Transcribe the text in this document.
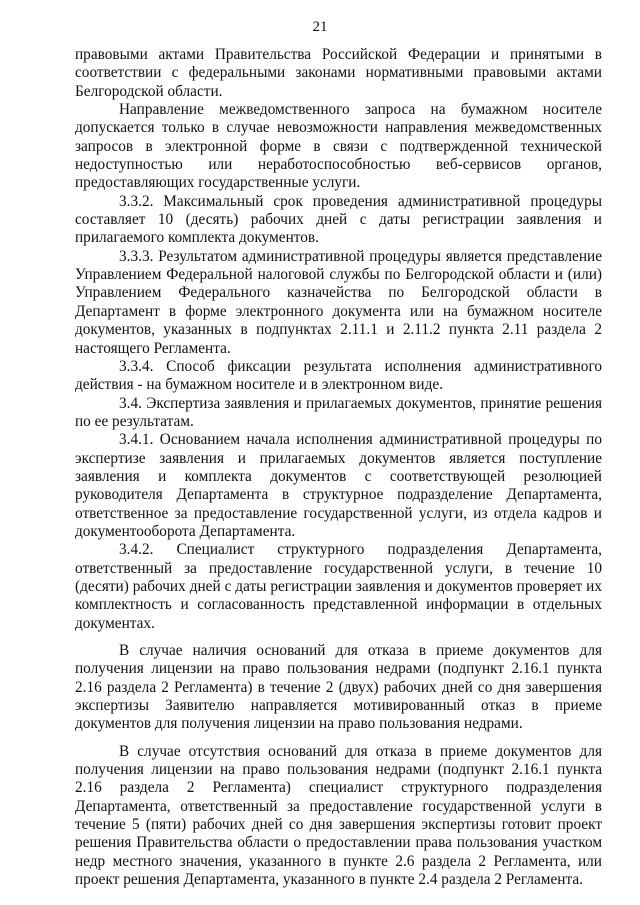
21

правовыми актами Правительства Российской Федерации и принятыми в соответствии с федеральными законами нормативными правовыми актами Белгородской области.

Направление межведомственного запроса на бумажном носителе допускается только в случае невозможности направления межведомственных запросов в электронной форме в связи с подтвержденной технической недоступностью или неработоспособностью веб-сервисов органов, предоставляющих государственные услуги.

3.3.2. Максимальный срок проведения административной процедуры составляет 10 (десять) рабочих дней с даты регистрации заявления и прилагаемого комплекта документов.

3.3.3. Результатом административной процедуры является представление Управлением Федеральной налоговой службы по Белгородской области и (или) Управлением Федерального казначейства по Белгородской области в Департамент в форме электронного документа или на бумажном носителе документов, указанных в подпунктах 2.11.1 и 2.11.2 пункта 2.11 раздела 2 настоящего Регламента.

3.3.4. Способ фиксации результата исполнения административного действия - на бумажном носителе и в электронном виде.

3.4. Экспертиза заявления и прилагаемых документов, принятие решения по ее результатам.

3.4.1. Основанием начала исполнения административной процедуры по экспертизе заявления и прилагаемых документов является поступление заявления и комплекта документов с соответствующей резолюцией руководителя Департамента в структурное подразделение Департамента, ответственное за предоставление государственной услуги, из отдела кадров и документооборота Департамента.

3.4.2. Специалист структурного подразделения Департамента, ответственный за предоставление государственной услуги, в течение 10 (десяти) рабочих дней с даты регистрации заявления и документов проверяет их комплектность и согласованность представленной информации в отдельных документах.

В случае наличия оснований для отказа в приеме документов для получения лицензии на право пользования недрами (подпункт 2.16.1 пункта 2.16 раздела 2 Регламента) в течение 2 (двух) рабочих дней со дня завершения экспертизы Заявителю направляется мотивированный отказ в приеме документов для получения лицензии на право пользования недрами.

В случае отсутствия оснований для отказа в приеме документов для получения лицензии на право пользования недрами (подпункт 2.16.1 пункта 2.16 раздела 2 Регламента) специалист структурного подразделения Департамента, ответственный за предоставление государственной услуги в течение 5 (пяти) рабочих дней со дня завершения экспертизы готовит проект решения Правительства области о предоставлении права пользования участком недр местного значения, указанного в пункте 2.6 раздела 2 Регламента, или проект решения Департамента, указанного в пункте 2.4 раздела 2 Регламента.
